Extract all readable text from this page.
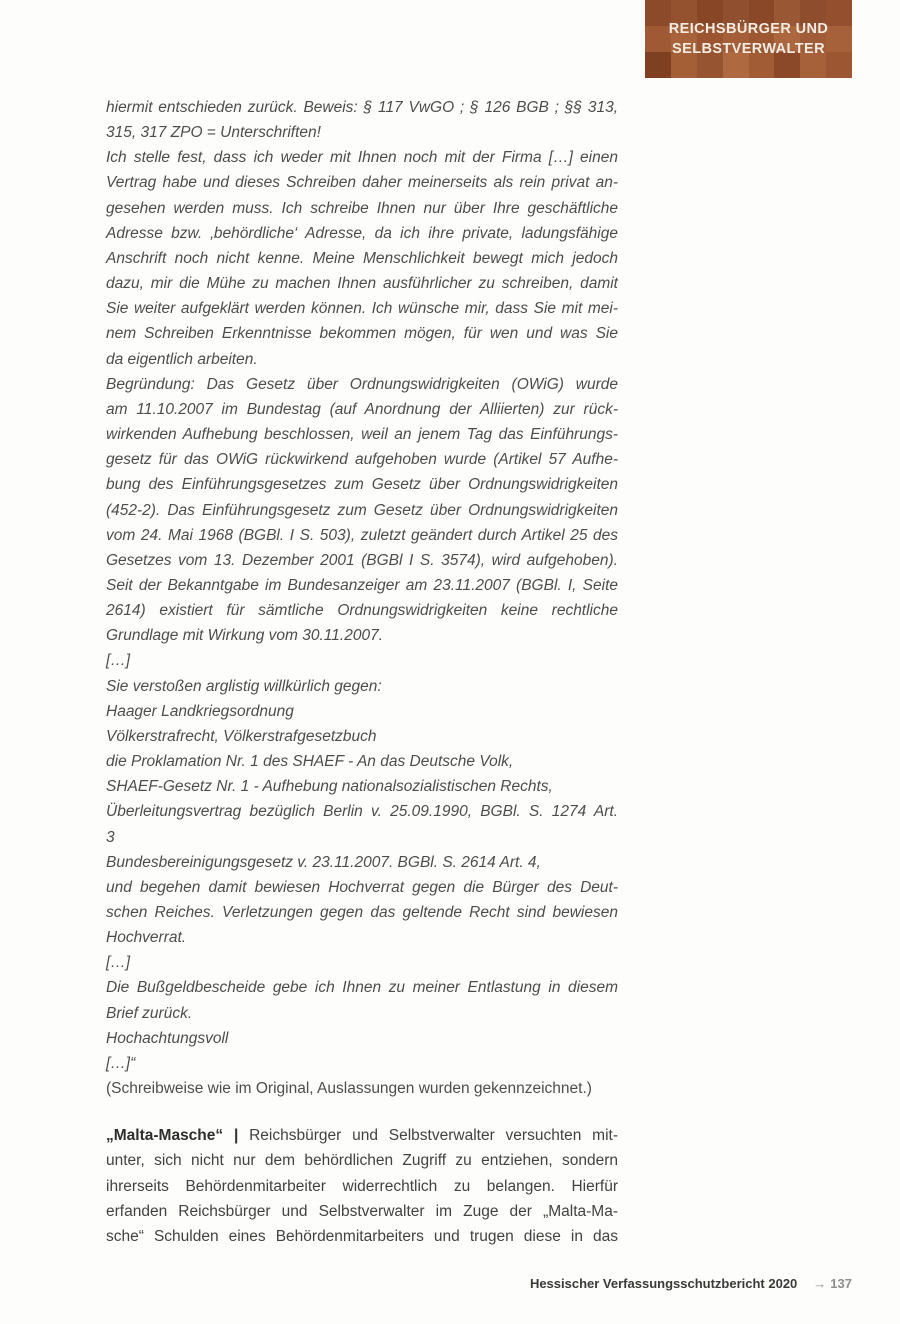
REICHSBÜRGER UND
SELBSTVERWALTER
hiermit entschieden zurück. Beweis: § 117 VwGO ; § 126 BGB ; §§ 313,
315, 317 ZPO = Unterschriften!
Ich stelle fest, dass ich weder mit Ihnen noch mit der Firma […] einen
Vertrag habe und dieses Schreiben daher meinerseits als rein privat an-
gesehen werden muss. Ich schreibe Ihnen nur über Ihre geschäftliche
Adresse bzw. ‚behördliche‘ Adresse, da ich ihre private, ladungsfähige
Anschrift noch nicht kenne. Meine Menschlichkeit bewegt mich jedoch
dazu, mir die Mühe zu machen Ihnen ausführlicher zu schreiben, damit
Sie weiter aufgeklärt werden können. Ich wünsche mir, dass Sie mit mei-
nem Schreiben Erkenntnisse bekommen mögen, für wen und was Sie
da eigentlich arbeiten.
Begründung: Das Gesetz über Ordnungswidrigkeiten (OWiG) wurde
am 11.10.2007 im Bundestag (auf Anordnung der Alliierten) zur rück-
wirkenden Aufhebung beschlossen, weil an jenem Tag das Einführungs-
gesetz für das OWiG rückwirkend aufgehoben wurde (Artikel 57 Aufhe-
bung des Einführungsgesetzes zum Gesetz über Ordnungswidrigkeiten
(452-2). Das Einführungsgesetz zum Gesetz über Ordnungswidrigkeiten
vom 24. Mai 1968 (BGBl. I S. 503), zuletzt geändert durch Artikel 25 des
Gesetzes vom 13. Dezember 2001 (BGBl I S. 3574), wird aufgehoben).
Seit der Bekanntgabe im Bundesanzeiger am 23.11.2007 (BGBl. I, Seite
2614) existiert für sämtliche Ordnungswidrigkeiten keine rechtliche
Grundlage mit Wirkung vom 30.11.2007.
[…]
Sie verstoßen arglistig willkürlich gegen:
Haager Landkriegsordnung
Völkerstrafrecht, Völkerstrafgesetzbuch
die Proklamation Nr. 1 des SHAEF - An das Deutsche Volk,
SHAEF-Gesetz Nr. 1 - Aufhebung nationalsozialistischen Rechts,
Überleitungsvertrag bezüglich Berlin v. 25.09.1990, BGBl. S. 1274 Art.
3
Bundesbereinigungsgesetz v. 23.11.2007. BGBl. S. 2614 Art. 4,
und begehen damit bewiesen Hochverrat gegen die Bürger des Deut-
schen Reiches. Verletzungen gegen das geltende Recht sind bewiesen
Hochverrat.
[…]
Die Bußgeldbescheide gebe ich Ihnen zu meiner Entlastung in diesem
Brief zurück.
Hochachtungsvoll
[…]“
(Schreibweise wie im Original, Auslassungen wurden gekennzeichnet.)
„Malta-Masche“ | Reichsbürger und Selbstverwalter versuchten mit-
unter, sich nicht nur dem behördlichen Zugriff zu entziehen, sondern
ihrerseits Behördenmitarbeiter widerrechtlich zu belangen. Hierfür
erfanden Reichsbürger und Selbstverwalter im Zuge der „Malta-Ma-
sche“ Schulden eines Behördenmitarbeiters und trugen diese in das
Hessischer Verfassungsschutzbericht 2020 → 137
